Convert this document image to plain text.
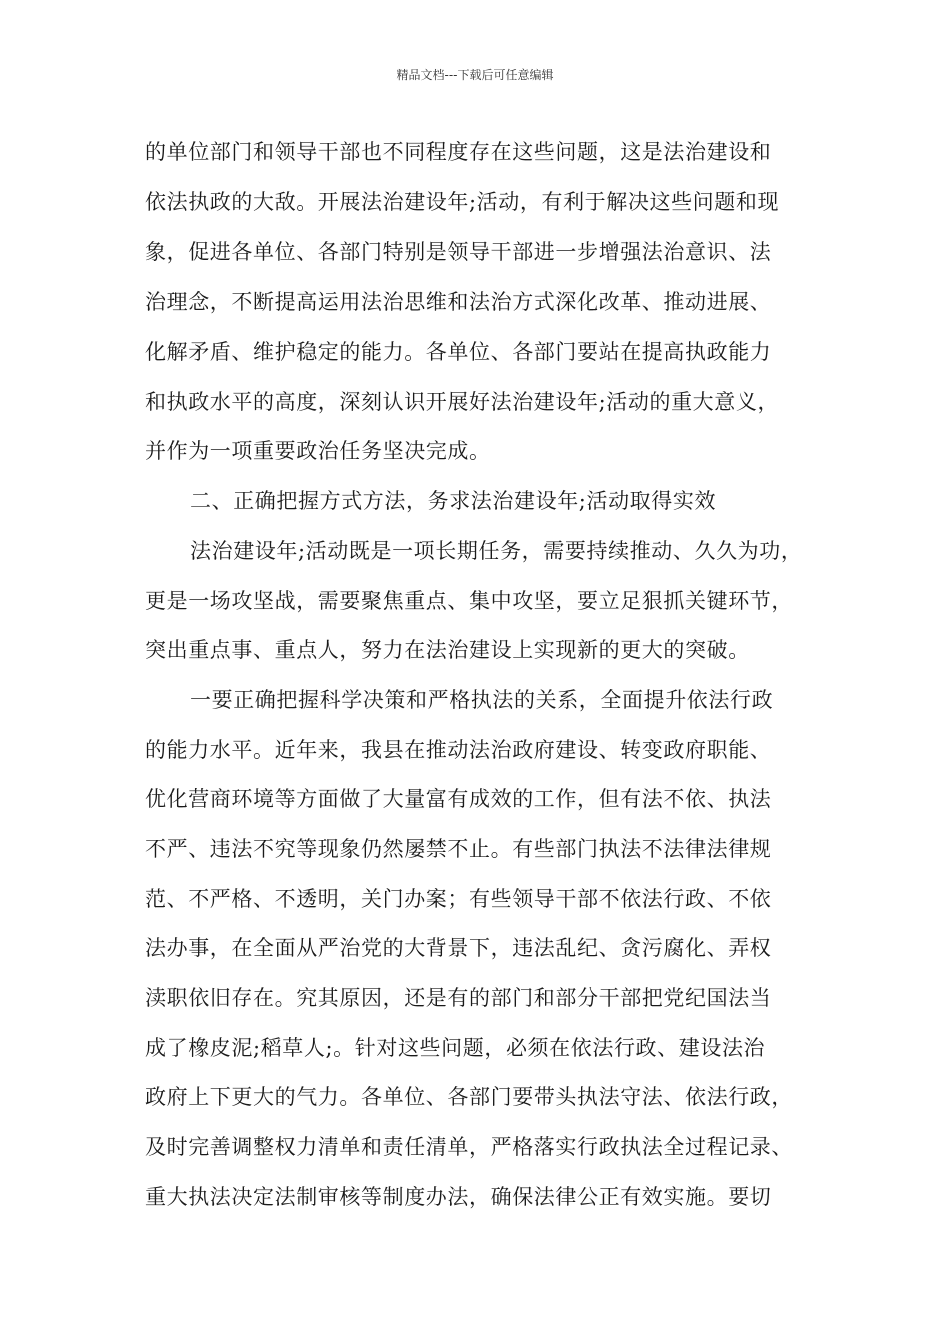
精品文档---下载后可任意编辑
的单位部门和领导干部也不同程度存在这些问题，这是法治建设和
依法执政的大敌。开展法治建设年;活动，有利于解决这些问题和现
象，促进各单位、各部门特别是领导干部进一步增强法治意识、法
治理念，不断提高运用法治思维和法治方式深化改革、推动进展、
化解矛盾、维护稳定的能力。各单位、各部门要站在提高执政能力
和执政水平的高度，深刻认识开展好法治建设年;活动的重大意义，
并作为一项重要政治任务坚决完成。
二、正确把握方式方法，务求法治建设年;活动取得实效
法治建设年;活动既是一项长期任务，需要持续推动、久久为功，
更是一场攻坚战，需要聚焦重点、集中攻坚，要立足狠抓关键环节，
突出重点事、重点人，努力在法治建设上实现新的更大的突破。
一要正确把握科学决策和严格执法的关系，全面提升依法行政
的能力水平。近年来，我县在推动法治政府建设、转变政府职能、
优化营商环境等方面做了大量富有成效的工作，但有法不依、执法
不严、违法不究等现象仍然屡禁不止。有些部门执法不法律法律规
范、不严格、不透明，关门办案；有些领导干部不依法行政、不依
法办事，在全面从严治党的大背景下，违法乱纪、贪污腐化、弄权
渎职依旧存在。究其原因，还是有的部门和部分干部把党纪国法当
成了橡皮泥;稻草人;。针对这些问题，必须在依法行政、建设法治
政府上下更大的气力。各单位、各部门要带头执法守法、依法行政，
及时完善调整权力清单和责任清单，严格落实行政执法全过程记录、
重大执法决定法制审核等制度办法，确保法律公正有效实施。要切
